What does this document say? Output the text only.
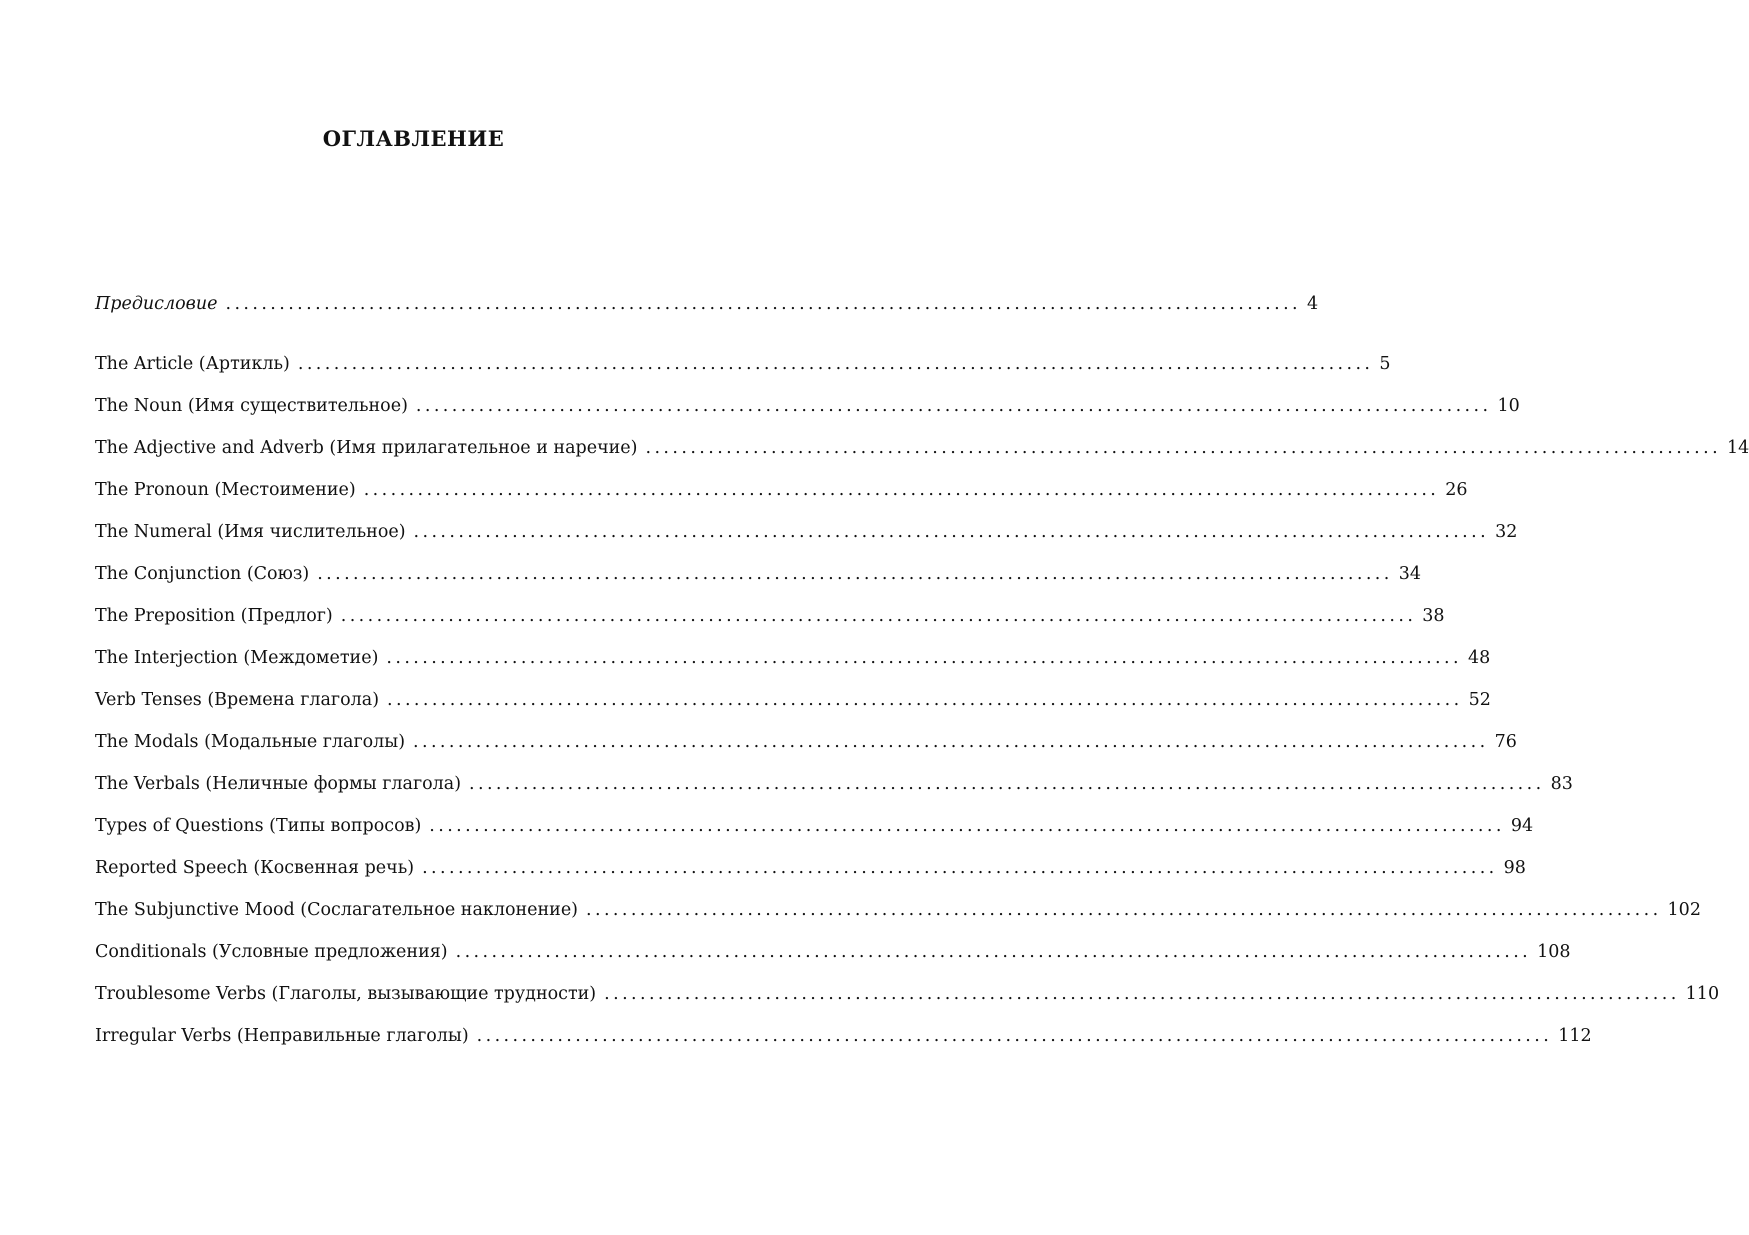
ОГЛАВЛЕНИЕ
Предисловие ........................................................................................................................ 4
The Article (Артикль) ........................................................................................................................ 5
The Noun (Имя существительное) ........................................................................................................................ 10
The Adjective and Adverb (Имя прилагательное и наречие) ........................................................................................................................ 14
The Pronoun (Местоимение) ........................................................................................................................ 26
The Numeral (Имя числительное) ........................................................................................................................ 32
The Conjunction (Союз) ........................................................................................................................ 34
The Preposition (Предлог) ........................................................................................................................ 38
The Interjection (Междометие) ........................................................................................................................ 48
Verb Tenses (Времена глагола) ........................................................................................................................ 52
The Modals (Модальные глаголы) ........................................................................................................................ 76
The Verbals (Неличные формы глагола) ........................................................................................................................ 83
Types of Questions (Типы вопросов) ........................................................................................................................ 94
Reported Speech (Косвенная речь) ........................................................................................................................ 98
The Subjunctive Mood (Сослагательное наклонение) ........................................................................................................................ 102
Conditionals (Условные предложения) ........................................................................................................................ 108
Troublesome Verbs (Глаголы, вызывающие трудности) ........................................................................................................................ 110
Irregular Verbs (Неправильные глаголы) ........................................................................................................................ 112
